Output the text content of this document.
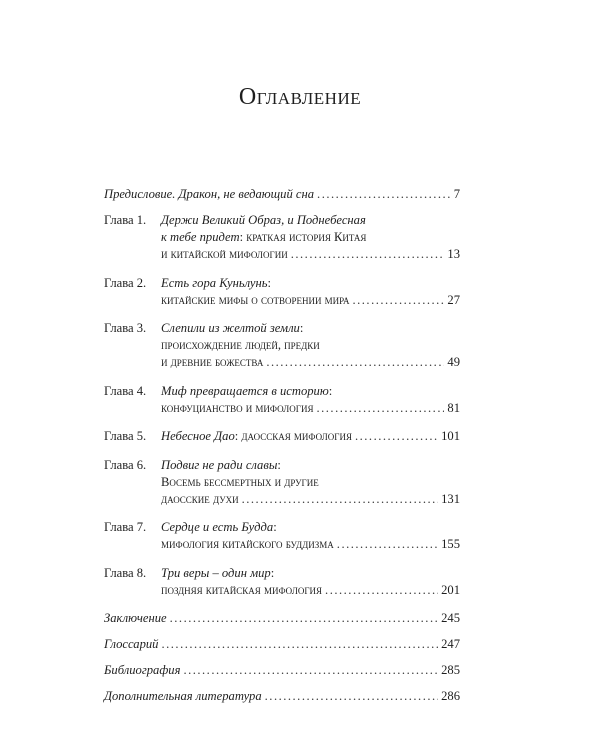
Оглавление
Предисловие. Дракон, не ведающий сна .....	7
Глава 1.	Держи Великий Образ, и Поднебесная
к тебе придет: краткая история Китая
и китайской мифологии .....	13
Глава 2.	Есть гора Куньлунь:
китайские мифы о сотворении мира .....	27
Глава 3.	Слепили из желтой земли:
происхождение людей, предки
и древние божества .....	49
Глава 4.	Миф превращается в историю:
конфуцианство и мифология .....	81
Глава 5.	Небесное Дао: даосская мифология .....	101
Глава 6.	Подвиг не ради славы:
Восемь бессмертных и другие
даосские духи .....	131
Глава 7.	Сердце и есть Будда:
мифология китайского буддизма .....	155
Глава 8.	Три веры – один мир:
поздняя китайская мифология .....	201
Заключение .....	245
Глоссарий .....	247
Библиография .....	285
Дополнительная литература .....	286
